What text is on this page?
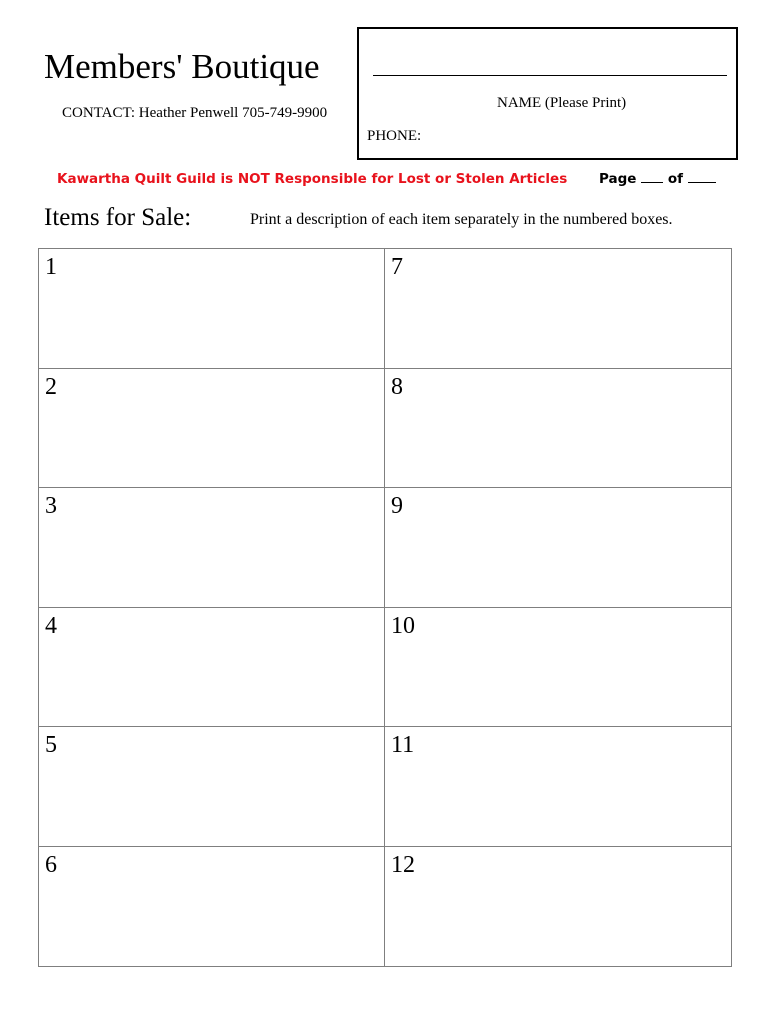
Members' Boutique
CONTACT: Heather Penwell 705-749-9900
NAME (Please Print)
PHONE:
Kawartha Quilt Guild is NOT Responsible for Lost or Stolen Articles Page of
Items for Sale:	Print a description of each item separately in the numbered boxes.
1	7
2	8
3	9
4	10
5	11
6	12
